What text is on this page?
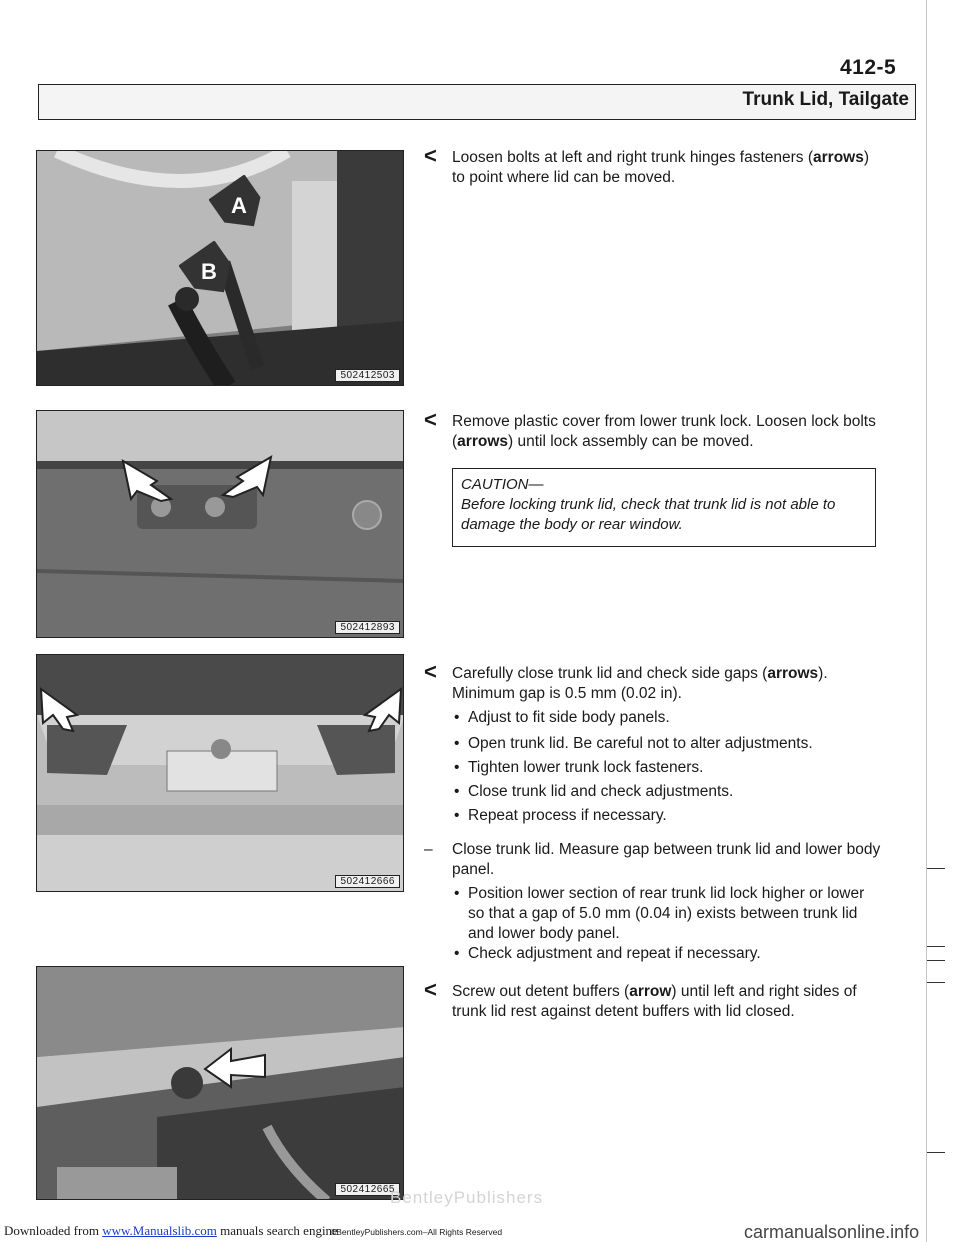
412-5
Trunk Lid, Tailgate
A
B
502412503
502412893
502412666
502412665
< Loosen bolts at left and right trunk hinges fasteners (arrows) to point where lid can be moved.
< Remove plastic cover from lower trunk lock. Loosen lock bolts (arrows) until lock assembly can be moved.
CAUTION—
Before locking trunk lid, check that trunk lid is not able to damage the body or rear window.
< Carefully close trunk lid and check side gaps (arrows). Minimum gap is 0.5 mm (0.02 in).
• Adjust to fit side body panels.
• Open trunk lid. Be careful not to alter adjustments.
• Tighten lower trunk lock fasteners.
• Close trunk lid and check adjustments.
• Repeat process if necessary.
– Close trunk lid. Measure gap between trunk lid and lower body panel.
• Position lower section of rear trunk lid lock higher or lower so that a gap of 5.0 mm (0.04 in) exists between trunk lid and lower body panel.
• Check adjustment and repeat if necessary.
< Screw out detent buffers (arrow) until left and right sides of trunk lid rest against detent buffers with lid closed.
BentleyPublishers
Downloaded from www.Manualslib.com manuals search engine
©BentleyPublishers.com–All Rights Reserved	carmanualsonline.info
